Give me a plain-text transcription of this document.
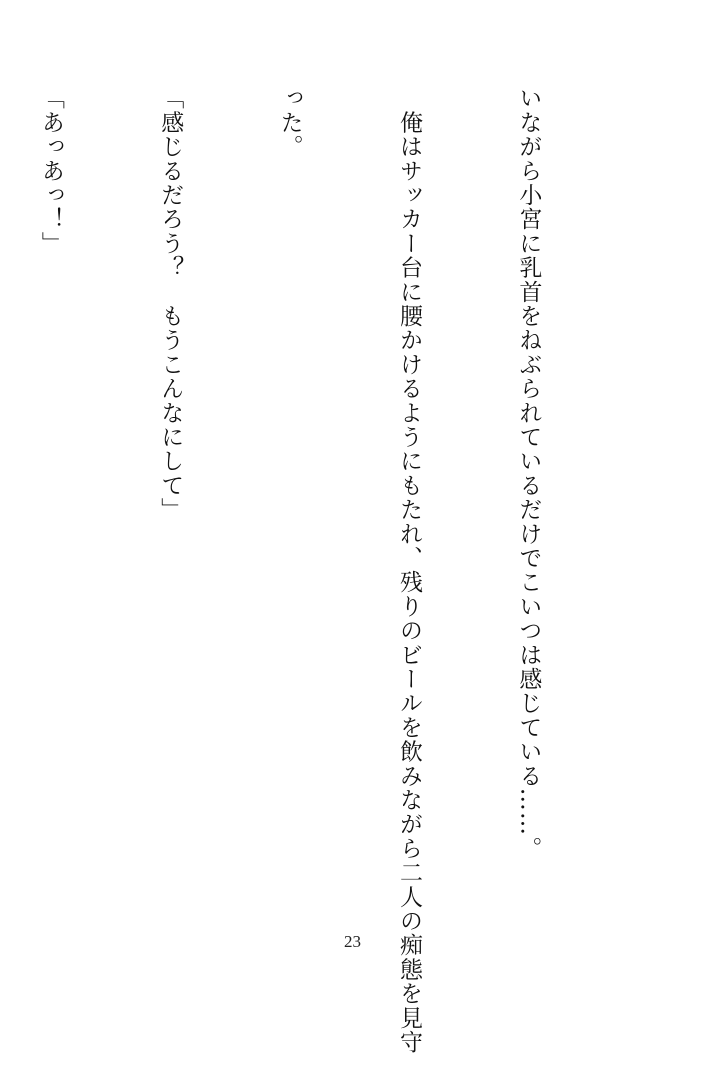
いながら小宮に乳首をねぶられているだけでこいつは感じている……。

　俺はサッカー台に腰かけるようにもたれ、残りのビールを飲みながら二人の痴態を見守

った。

「感じるだろう？　もうこんなにして」

「あっあっ！」

23
